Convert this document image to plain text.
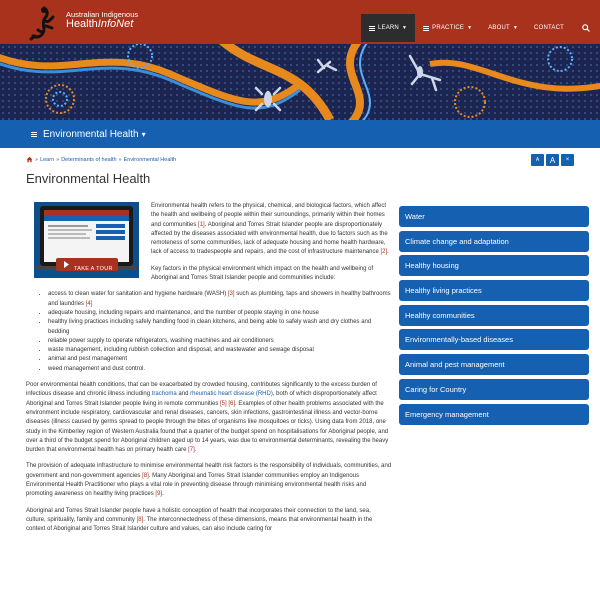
Australian Indigenous
HealthInfoNet	LEARN ▼	PRACTICE ▼	ABOUT ▼	CONTACT
Environmental Health ▾
» Learn » Determinants of health » Environmental Health	A	A	×
Environmental Health
TAKE A TOUR

Environmental health refers to the physical, chemical, and biological factors, which affect the health and wellbeing of people within their surroundings, primarily within their homes and communities [1]. Aboriginal and Torres Strait Islander people are disproportionately affected by the diseases associated with environmental health, due to factors such as the remoteness of some communities, lack of adequate housing and home health hardware, lack of access to tradespeople and repairs, and the cost of infrastructure maintenance [2].

Key factors in the physical environment which impact on the health and wellbeing of Aboriginal and Torres Strait Islander people and communities include:

• access to clean water for sanitation and hygiene hardware (WASH) [3] such as plumbing, taps and showers in healthy bathrooms and laundries [4]
• adequate housing, including repairs and maintenance, and the number of people staying in one house
• healthy living practices including safely handling food in clean kitchens, and being able to safely wash and dry clothes and bedding
• reliable power supply to operate refrigerators, washing machines and air conditioners
• waste management, including rubbish collection and disposal, and wastewater and sewage disposal
• animal and pest management
• weed management and dust control.

Poor environmental health conditions, that can be exacerbated by crowded housing, contributes significantly to the excess burden of infectious disease and chronic illness including trachoma and rheumatic heart disease (RHD), both of which disproportionately affect Aboriginal and Torres Strait Islander people living in remote communities [5] [6]. Examples of other health problems associated with the environment include respiratory, cardiovascular and renal diseases, cancers, skin infections, gastrointestinal illness and vector-borne diseases (illness caused by germs spread to people through the bites of organisms like mosquitoes or ticks). Using data from 2018, one study in the Kimberley region of Western Australia found that a quarter of the budget spend on hospitalisations for Aboriginal people, and over a third of the budget spend for Aboriginal children aged up to 14 years, was due to environmental determinants, revealing the heavy burden that environmental health has on primary health care [7].

The provision of adequate infrastructure to minimise environmental health risk factors is the responsibility of individuals, communities, and government and non-government agencies [8]. Many Aboriginal and Torres Strait Islander communities employ an Indigenous Environmental Health Practitioner who plays a vital role in preventing disease through minimising environmental health risks and promoting awareness on healthy living practices [9].

Aboriginal and Torres Strait Islander people have a holistic conception of health that incorporates their connection to the land, sea, culture, spirituality, family and community [8]. The interconnectedness of these dimensions, means that environmental health in the context of Aboriginal and Torres Strait Islander culture and values, can also include caring for

Water
Climate change and adaptation
Healthy housing
Healthy living practices
Healthy communities
Environmentally-based diseases
Animal and pest management
Caring for Country
Emergency management
